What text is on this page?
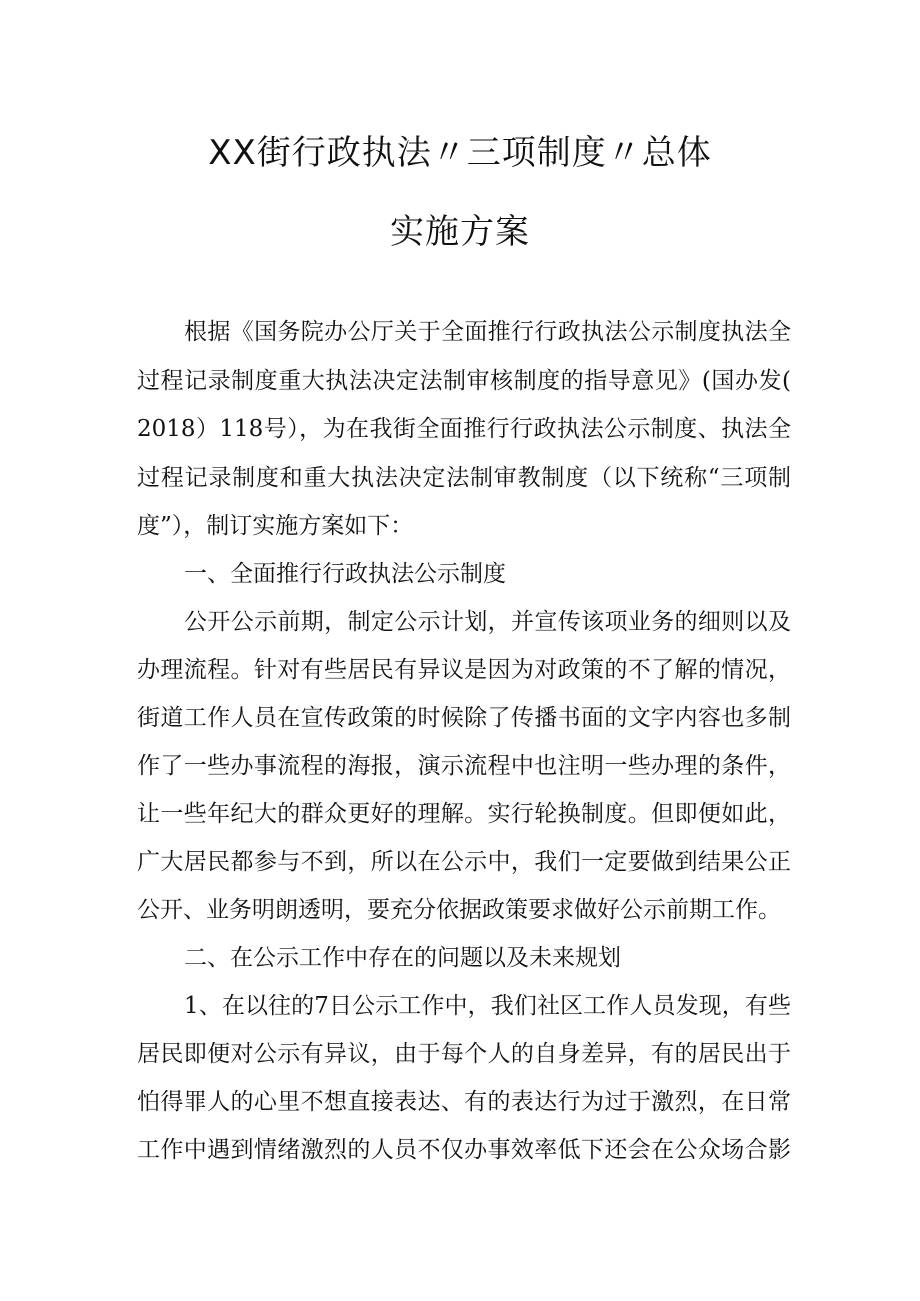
XX街行政执法〃三项制度〃总体
实施方案
根据《国务院办公厅关于全面推行行政执法公示制度执法全
过程记录制度重大执法决定法制审核制度的指导意见》(国办发(
2018）118号），为在我街全面推行行政执法公示制度、执法全
过程记录制度和重大执法决定法制审教制度（以下统称“三项制
度”），制订实施方案如下：
一、全面推行行政执法公示制度
公开公示前期，制定公示计划，并宣传该项业务的细则以及
办理流程。针对有些居民有异议是因为对政策的不了解的情况，
街道工作人员在宣传政策的时候除了传播书面的文字内容也多制
作了一些办事流程的海报，演示流程中也注明一些办理的条件，
让一些年纪大的群众更好的理解。实行轮换制度。但即便如此，
广大居民都参与不到，所以在公示中，我们一定要做到结果公正
公开、业务明朗透明，要充分依据政策要求做好公示前期工作。
二、在公示工作中存在的问题以及未来规划
1、在以往的7日公示工作中，我们社区工作人员发现，有些
居民即便对公示有异议，由于每个人的自身差异，有的居民出于
怕得罪人的心里不想直接表达、有的表达行为过于激烈，在日常
工作中遇到情绪激烈的人员不仅办事效率低下还会在公众场合影
